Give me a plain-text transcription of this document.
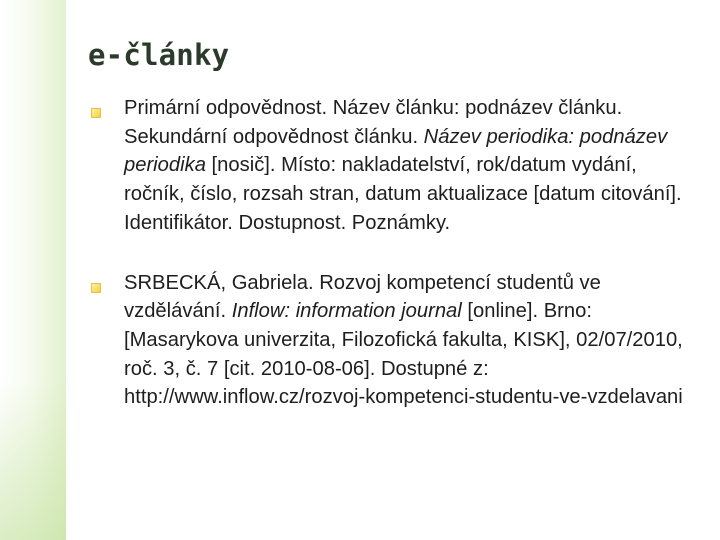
e-články

Primární odpovědnost. Název článku: podnázev článku. Sekundární odpovědnost článku. Název periodika: podnázev periodika [nosič]. Místo: nakladatelství, rok/datum vydání, ročník, číslo, rozsah stran, datum aktualizace [datum citování]. Identifikátor. Dostupnost. Poznámky.

SRBECKÁ, Gabriela. Rozvoj kompetencí studentů ve vzdělávání. Inflow: information journal [online]. Brno: [Masarykova univerzita, Filozofická fakulta, KISK], 02/07/2010, roč. 3, č. 7 [cit. 2010-08-06]. Dostupné z: http://www.inflow.cz/rozvoj-kompetenci-studentu-ve-vzdelavani
